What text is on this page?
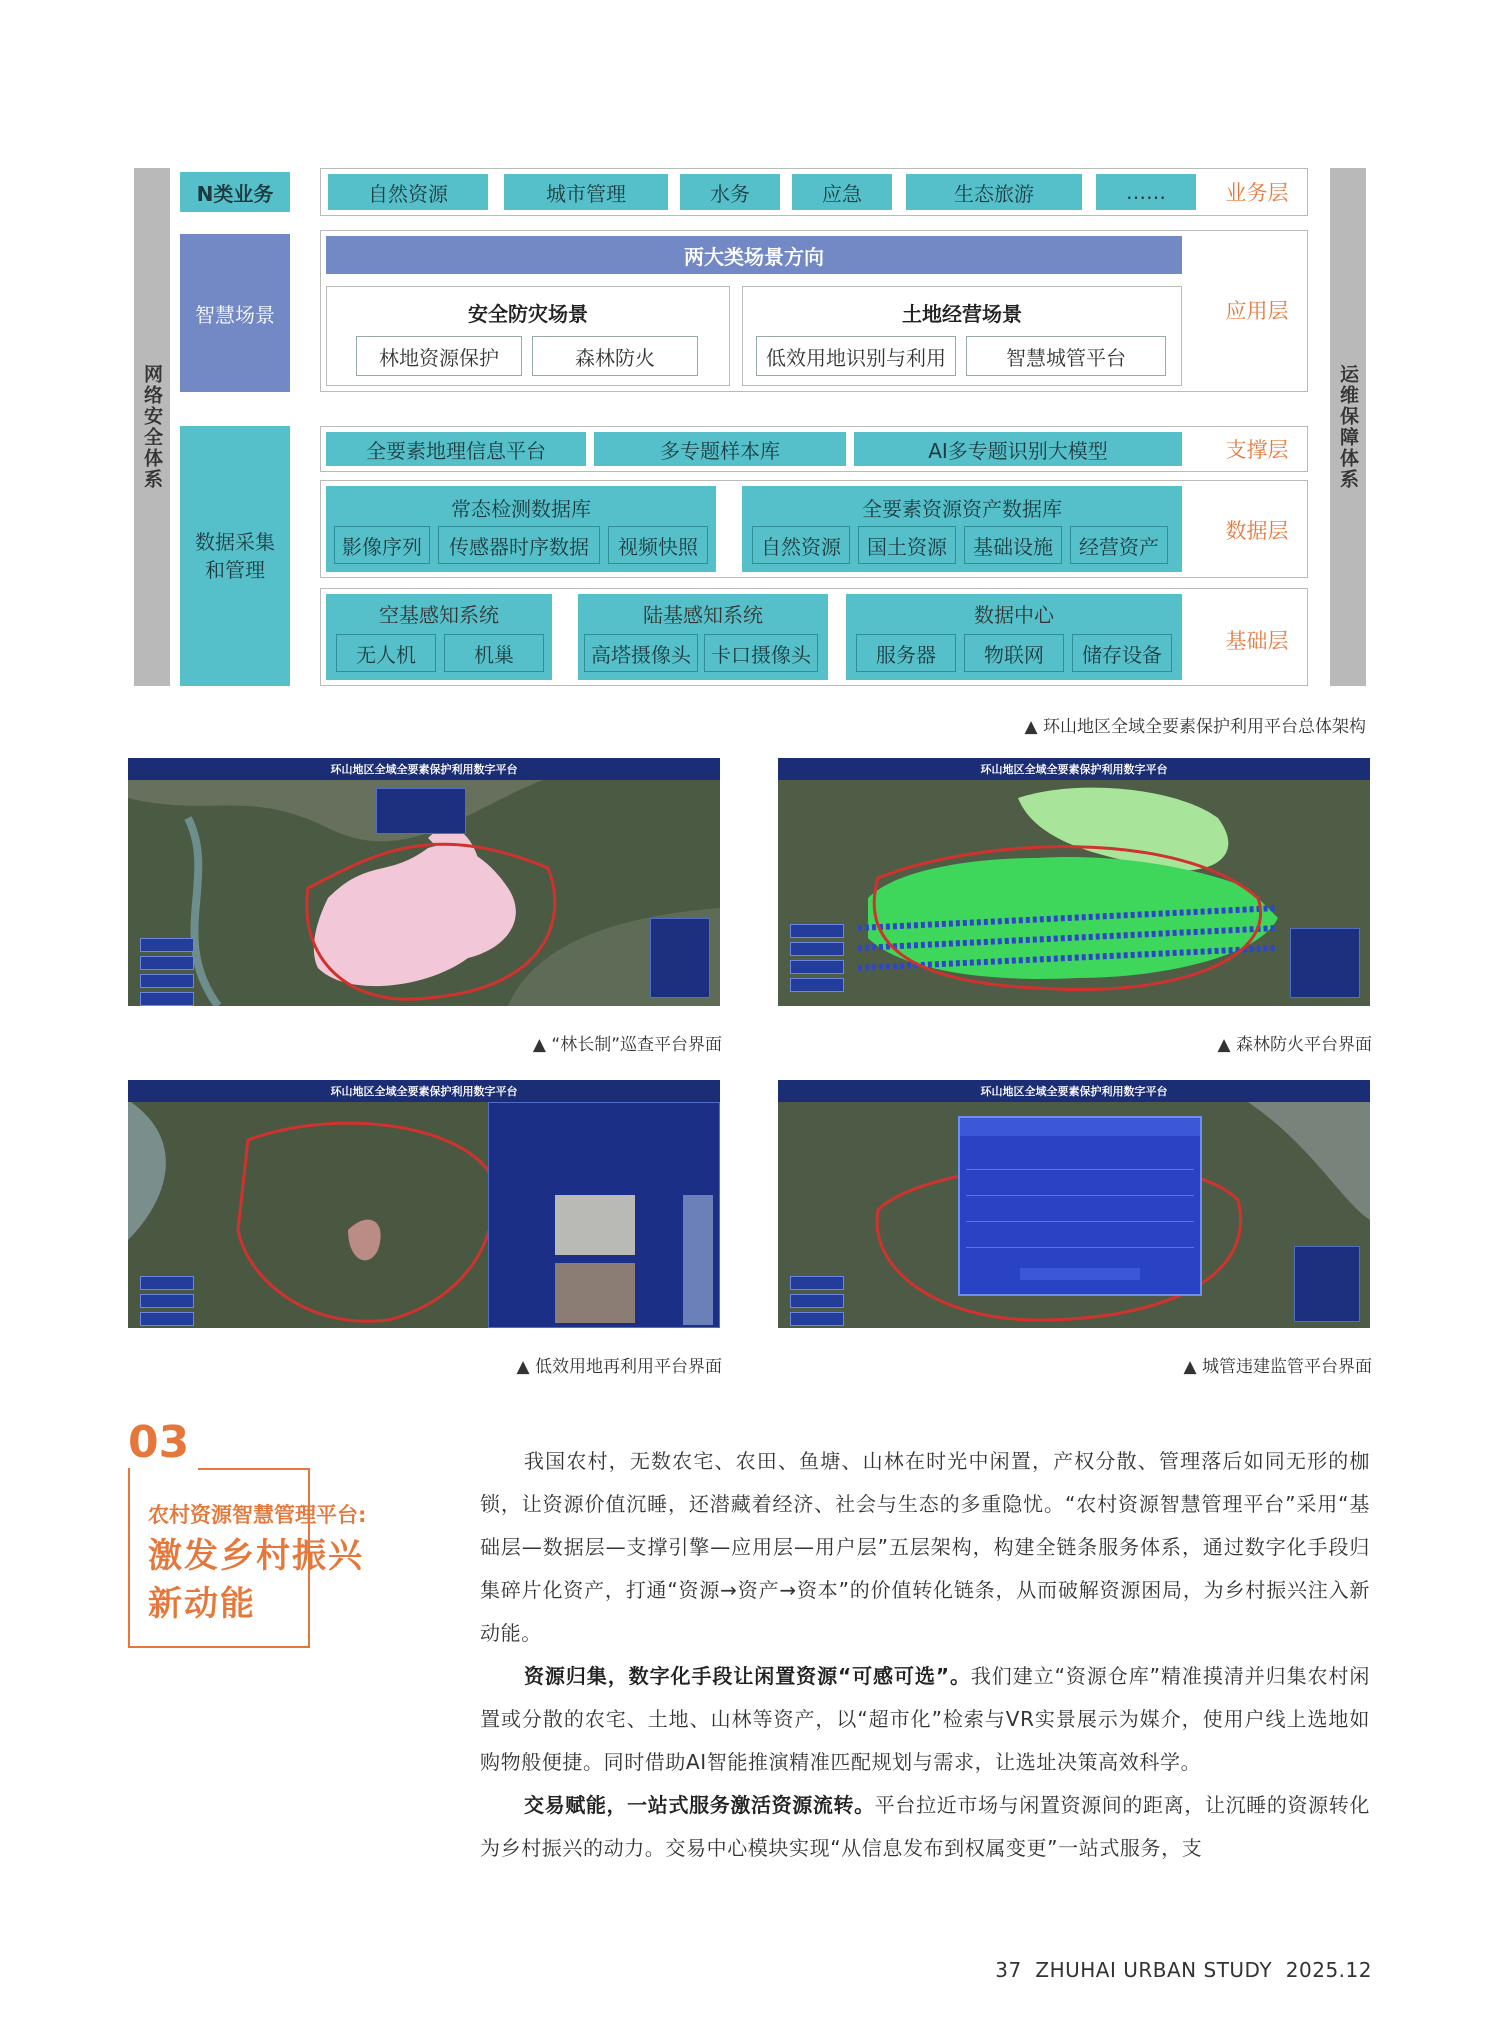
网络安全体系	运维保障体系
N类业务	自然资源	城市管理	水务	应急	生态旅游	……	业务层
智慧场景
两大类场景方向
安全防灾场景
林地资源保护	森林防火
土地经营场景
低效用地识别与利用	智慧城管平台
应用层
数据采集
和管理
全要素地理信息平台	多专题样本库	AI多专题识别大模型	支撑层
常态检测数据库
影像序列	传感器时序数据	视频快照
全要素资源资产数据库
自然资源	国土资源	基础设施	经营资产
数据层
空基感知系统
无人机	机巢
陆基感知系统
高塔摄像头	卡口摄像头
数据中心
服务器	物联网	储存设备
基础层
▲ 环山地区全域全要素保护利用平台总体架构
环山地区全域全要素保护利用数字平台
▲ “林长制”巡查平台界面
环山地区全域全要素保护利用数字平台
▲ 森林防火平台界面
环山地区全域全要素保护利用数字平台
▲ 低效用地再利用平台界面
环山地区全域全要素保护利用数字平台
▲ 城管违建监管平台界面
03
农村资源智慧管理平台:
激发乡村振兴
新动能

我国农村，无数农宅、农田、鱼塘、山林在时光中闲置，产权分散、管理落后如同无形的枷锁，让资源价值沉睡，还潜藏着经济、社会与生态的多重隐忧。“农村资源智慧管理平台”采用“基础层—数据层—支撑引擎—应用层—用户层”五层架构，构建全链条服务体系，通过数字化手段归集碎片化资产，打通“资源→资产→资本”的价值转化链条，从而破解资源困局，为乡村振兴注入新动能。

资源归集，数字化手段让闲置资源“可感可选”。我们建立“资源仓库”精准摸清并归集农村闲置或分散的农宅、土地、山林等资产，以“超市化”检索与VR实景展示为媒介，使用户线上选地如购物般便捷。同时借助AI智能推演精准匹配规划与需求，让选址决策高效科学。

交易赋能，一站式服务激活资源流转。平台拉近市场与闲置资源间的距离，让沉睡的资源转化为乡村振兴的动力。交易中心模块实现“从信息发布到权属变更”一站式服务，支

37  ZHUHAI URBAN STUDY  2025.12
